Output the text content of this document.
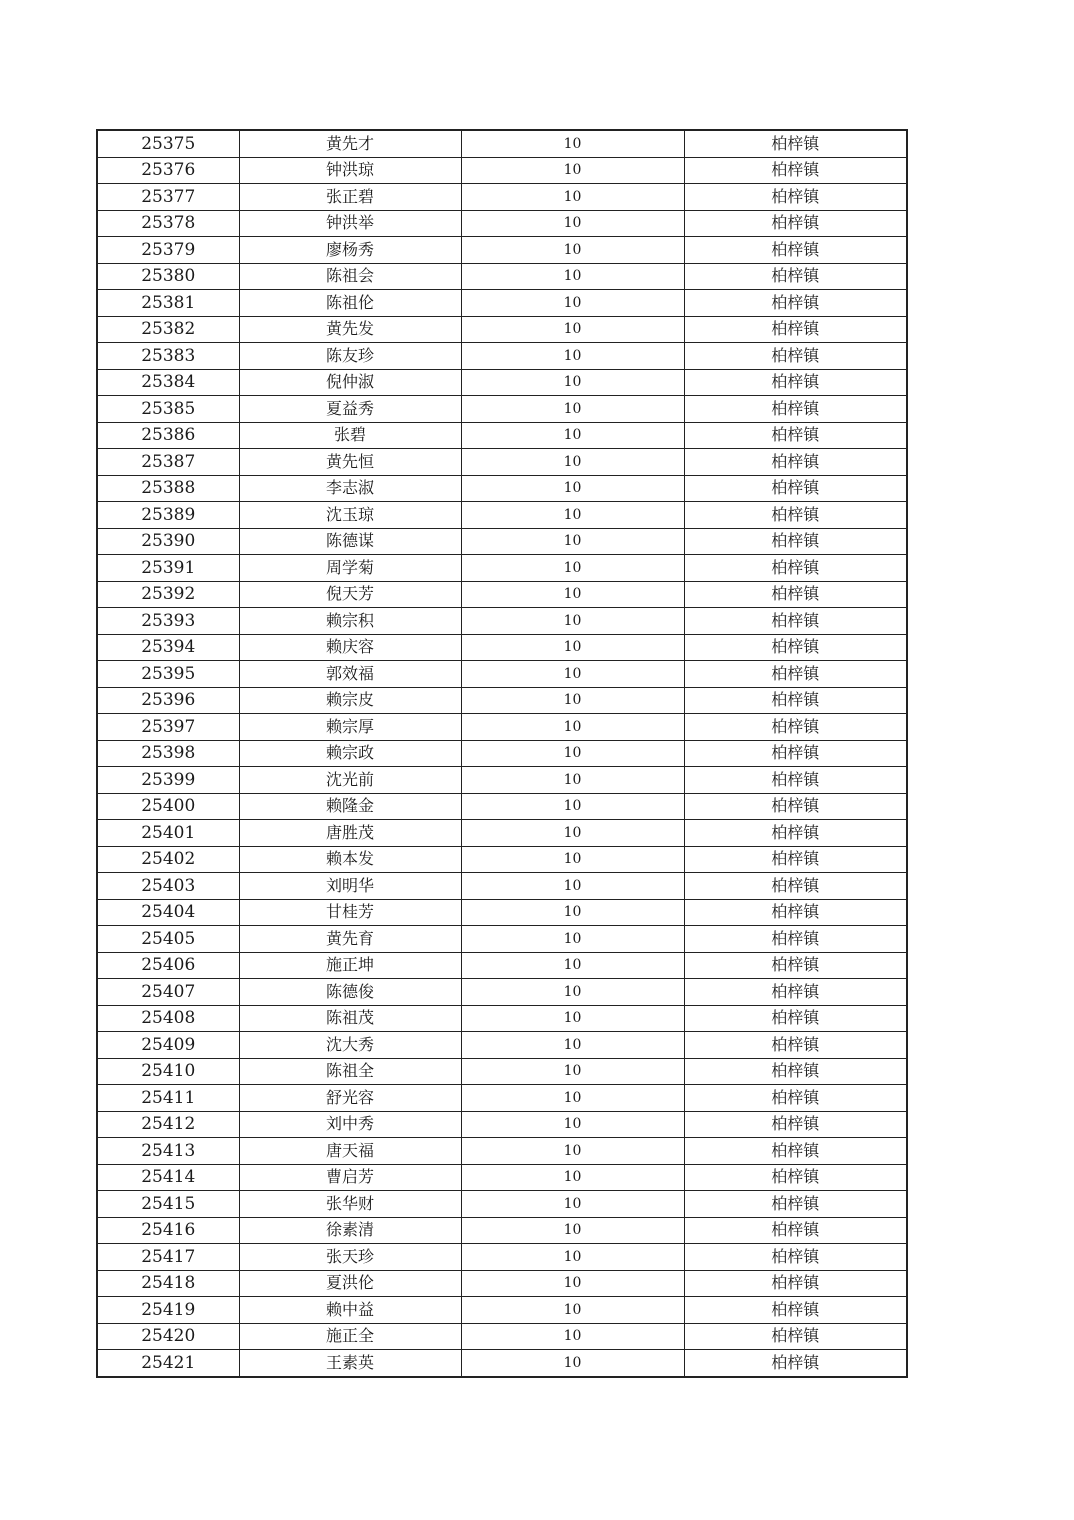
25375	黄先才	10	柏梓镇
25376	钟洪琼	10	柏梓镇
25377	张正碧	10	柏梓镇
25378	钟洪举	10	柏梓镇
25379	廖杨秀	10	柏梓镇
25380	陈祖会	10	柏梓镇
25381	陈祖伦	10	柏梓镇
25382	黄先发	10	柏梓镇
25383	陈友珍	10	柏梓镇
25384	倪仲淑	10	柏梓镇
25385	夏益秀	10	柏梓镇
25386	张碧	10	柏梓镇
25387	黄先恒	10	柏梓镇
25388	李志淑	10	柏梓镇
25389	沈玉琼	10	柏梓镇
25390	陈德谋	10	柏梓镇
25391	周学菊	10	柏梓镇
25392	倪天芳	10	柏梓镇
25393	赖宗积	10	柏梓镇
25394	赖庆容	10	柏梓镇
25395	郭效福	10	柏梓镇
25396	赖宗皮	10	柏梓镇
25397	赖宗厚	10	柏梓镇
25398	赖宗政	10	柏梓镇
25399	沈光前	10	柏梓镇
25400	赖隆金	10	柏梓镇
25401	唐胜茂	10	柏梓镇
25402	赖本发	10	柏梓镇
25403	刘明华	10	柏梓镇
25404	甘桂芳	10	柏梓镇
25405	黄先育	10	柏梓镇
25406	施正坤	10	柏梓镇
25407	陈德俊	10	柏梓镇
25408	陈祖茂	10	柏梓镇
25409	沈大秀	10	柏梓镇
25410	陈祖全	10	柏梓镇
25411	舒光容	10	柏梓镇
25412	刘中秀	10	柏梓镇
25413	唐天福	10	柏梓镇
25414	曹启芳	10	柏梓镇
25415	张华财	10	柏梓镇
25416	徐素清	10	柏梓镇
25417	张天珍	10	柏梓镇
25418	夏洪伦	10	柏梓镇
25419	赖中益	10	柏梓镇
25420	施正全	10	柏梓镇
25421	王素英	10	柏梓镇
